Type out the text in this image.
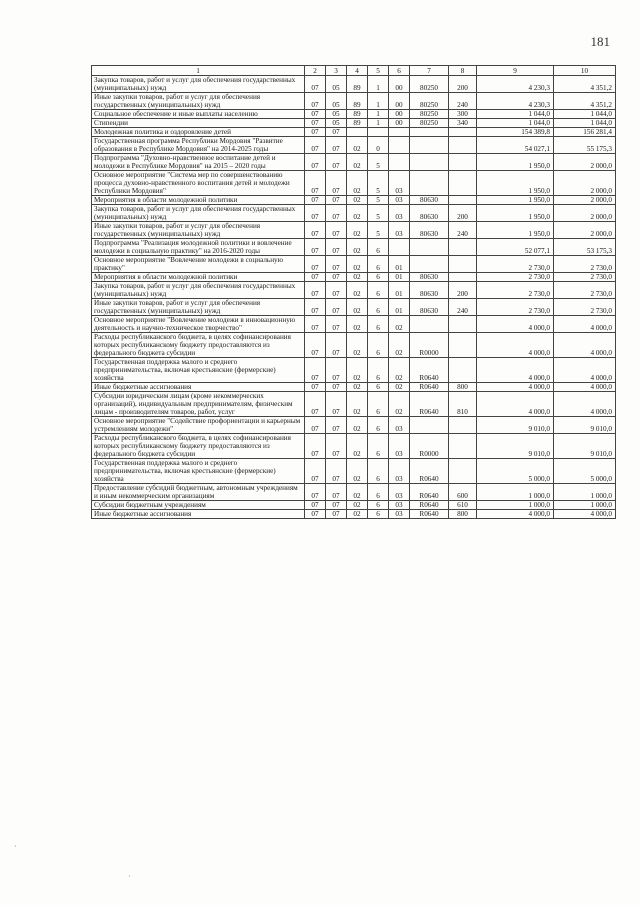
181
1	2	3	4	5	6	7	8	9	10
Закупка товаров, работ и услуг для обеспечения государственных (муниципальных) нужд	07	05	89	1	00	80250	200	4 230,3	4 351,2
Иные закупки товаров, работ и услуг для обеспечения государственных (муниципальных) нужд	07	05	89	1	00	80250	240	4 230,3	4 351,2
Социальное обеспечение и иные выплаты населению	07	05	89	1	00	80250	300	1 044,0	1 044,0
Стипендии	07	05	89	1	00	80250	340	1 044,0	1 044,0
Молодежная политика и оздоровление детей	07	07						154 389,8	156 281,4
Государственная программа Республики Мордовия "Развитие образования в Республике Мордовия" на 2014-2025 годы	07	07	02	0				54 027,1	55 175,3
Подпрограмма "Духовно-нравственное воспитание детей и молодежи в Республике Мордовия" на 2015 – 2020 годы	07	07	02	5				1 950,0	2 000,0
Основное мероприятие "Система мер по совершенствованию процесса духовно-нравственного воспитания детей и молодежи Республики Мордовия"	07	07	02	5	03			1 950,0	2 000,0
Мероприятия в области молодежной политики	07	07	02	5	03	80630		1 950,0	2 000,0
Закупка товаров, работ и услуг для обеспечения государственных (муниципальных) нужд	07	07	02	5	03	80630	200	1 950,0	2 000,0
Иные закупки товаров, работ и услуг для обеспечения государственных (муниципальных) нужд	07	07	02	5	03	80630	240	1 950,0	2 000,0
Подпрограмма "Реализация молодежной политики и вовлечение молодежи в социальную практику" на 2016-2020 годы	07	07	02	6				52 077,1	53 175,3
Основное мероприятие "Вовлечение молодежи в социальную практику"	07	07	02	6	01			2 730,0	2 730,0
Мероприятия в области молодежной политики	07	07	02	6	01	80630		2 730,0	2 730,0
Закупка товаров, работ и услуг для обеспечения государственных (муниципальных) нужд	07	07	02	6	01	80630	200	2 730,0	2 730,0
Иные закупки товаров, работ и услуг для обеспечения государственных (муниципальных) нужд	07	07	02	6	01	80630	240	2 730,0	2 730,0
Основное мероприятие "Вовлечение молодежи в инновационную деятельность и научно-техническое творчество"	07	07	02	6	02			4 000,0	4 000,0
Расходы республиканского бюджета, в целях софинансирования которых республиканскому бюджету предоставляются из федерального бюджета субсидии	07	07	02	6	02	R0000		4 000,0	4 000,0
Государственная поддержка малого и среднего предпринимательства, включая крестьянские (фермерские) хозяйства	07	07	02	6	02	R0640		4 000,0	4 000,0
Иные бюджетные ассигнования	07	07	02	6	02	R0640	800	4 000,0	4 000,0
Субсидии юридическим лицам (кроме некоммерческих организаций), индивидуальным предпринимателям, физическим лицам - производителям товаров, работ, услуг	07	07	02	6	02	R0640	810	4 000,0	4 000,0
Основное мероприятие "Содействие профориентации и карьерным устремлениям молодежи"	07	07	02	6	03			9 010,0	9 010,0
Расходы республиканского бюджета, в целях софинансирования которых республиканскому бюджету предоставляются из федерального бюджета субсидии	07	07	02	6	03	R0000		9 010,0	9 010,0
Государственная поддержка малого и среднего предпринимательства, включая крестьянские (фермерские) хозяйства	07	07	02	6	03	R0640		5 000,0	5 000,0
Предоставление субсидий бюджетным, автономным учреждениям и иным некоммерческим организациям	07	07	02	6	03	R0640	600	1 000,0	1 000,0
Субсидии бюджетным учреждениям	07	07	02	6	03	R0640	610	1 000,0	1 000,0
Иные бюджетные ассигнования	07	07	02	6	03	R0640	800	4 000,0	4 000,0
·
·
